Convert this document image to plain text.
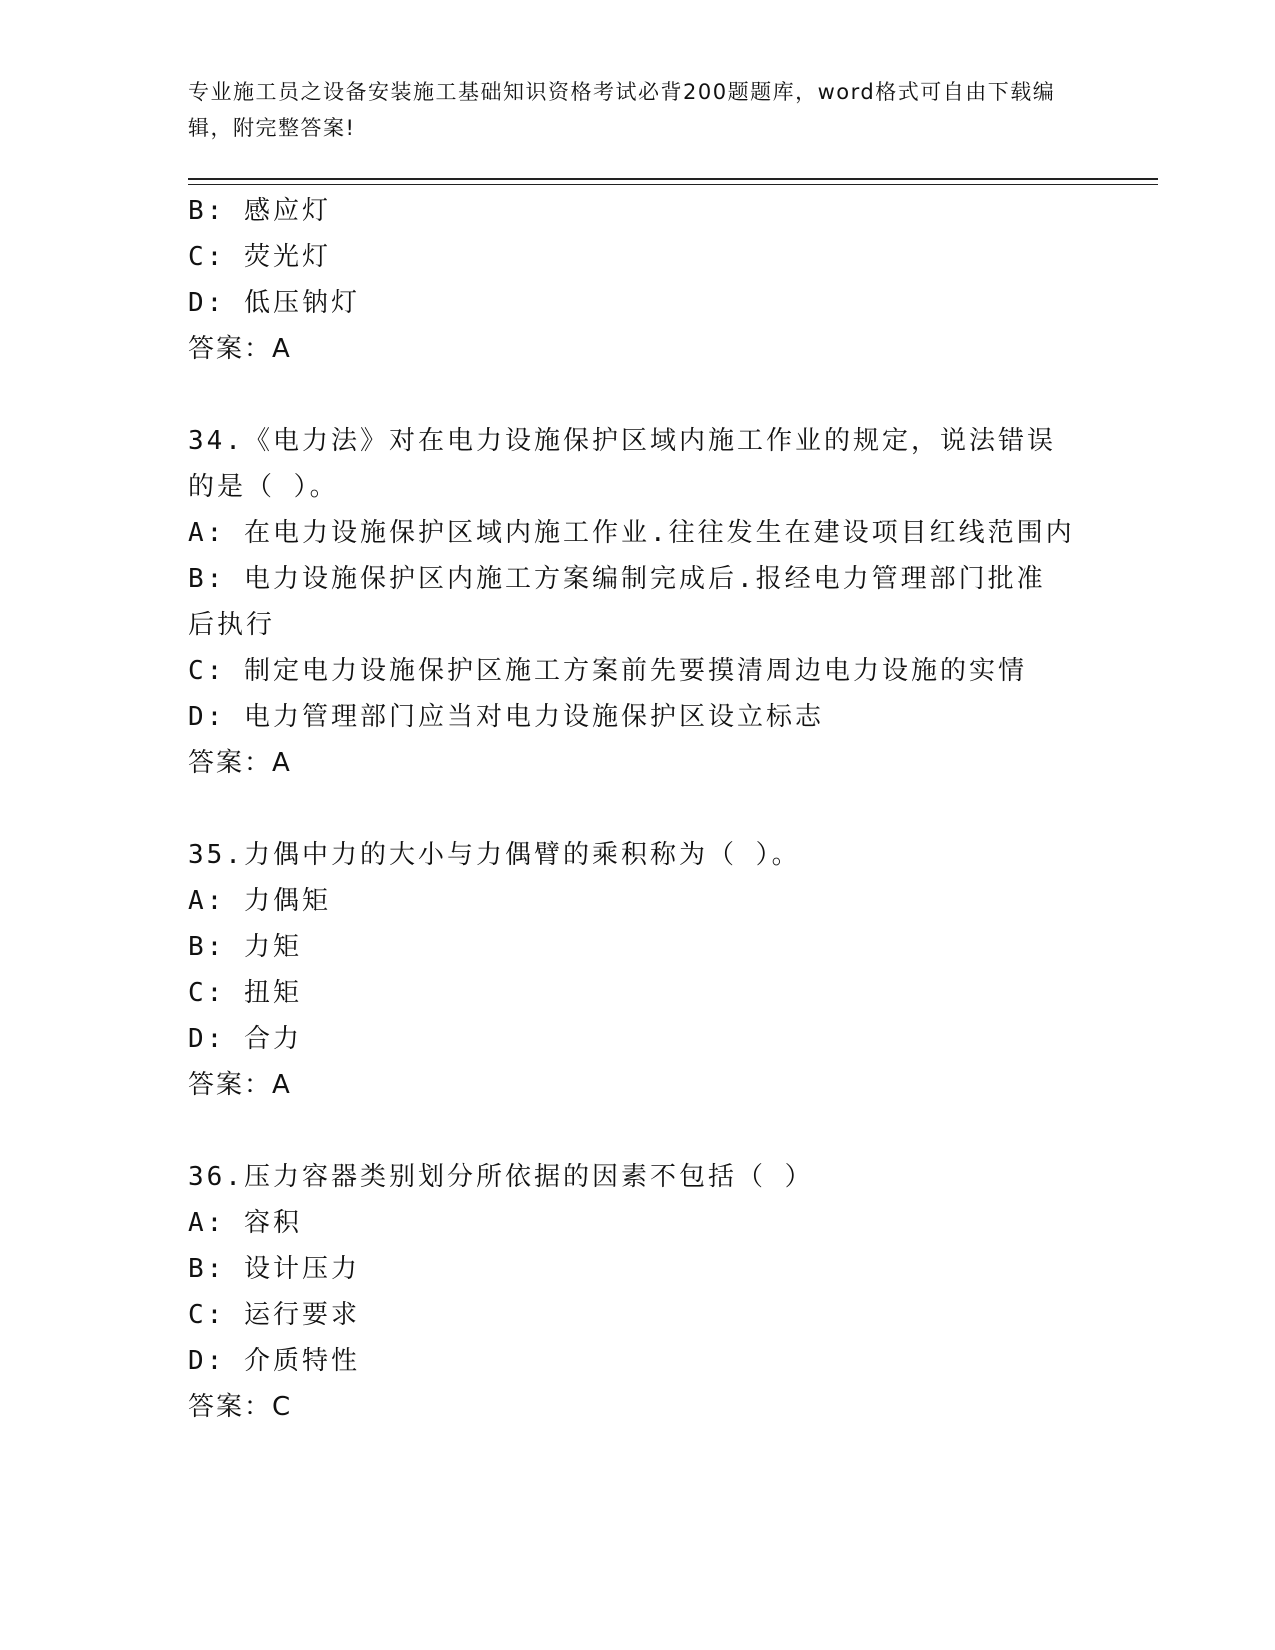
专业施工员之设备安装施工基础知识资格考试必背200题题库，word格式可自由下载编辑，附完整答案!
B: 感应灯
C: 荧光灯
D: 低压钠灯
答案：A
34.《电力法》对在电力设施保护区域内施工作业的规定，说法错误的是（ ）。
A: 在电力设施保护区域内施工作业.往往发生在建设项目红线范围内
B: 电力设施保护区内施工方案编制完成后.报经电力管理部门批准后执行
C: 制定电力设施保护区施工方案前先要摸清周边电力设施的实情
D: 电力管理部门应当对电力设施保护区设立标志
答案：A
35.力偶中力的大小与力偶臂的乘积称为（ ）。
A: 力偶矩
B: 力矩
C: 扭矩
D: 合力
答案：A
36.压力容器类别划分所依据的因素不包括（ ）
A: 容积
B: 设计压力
C: 运行要求
D: 介质特性
答案：C
